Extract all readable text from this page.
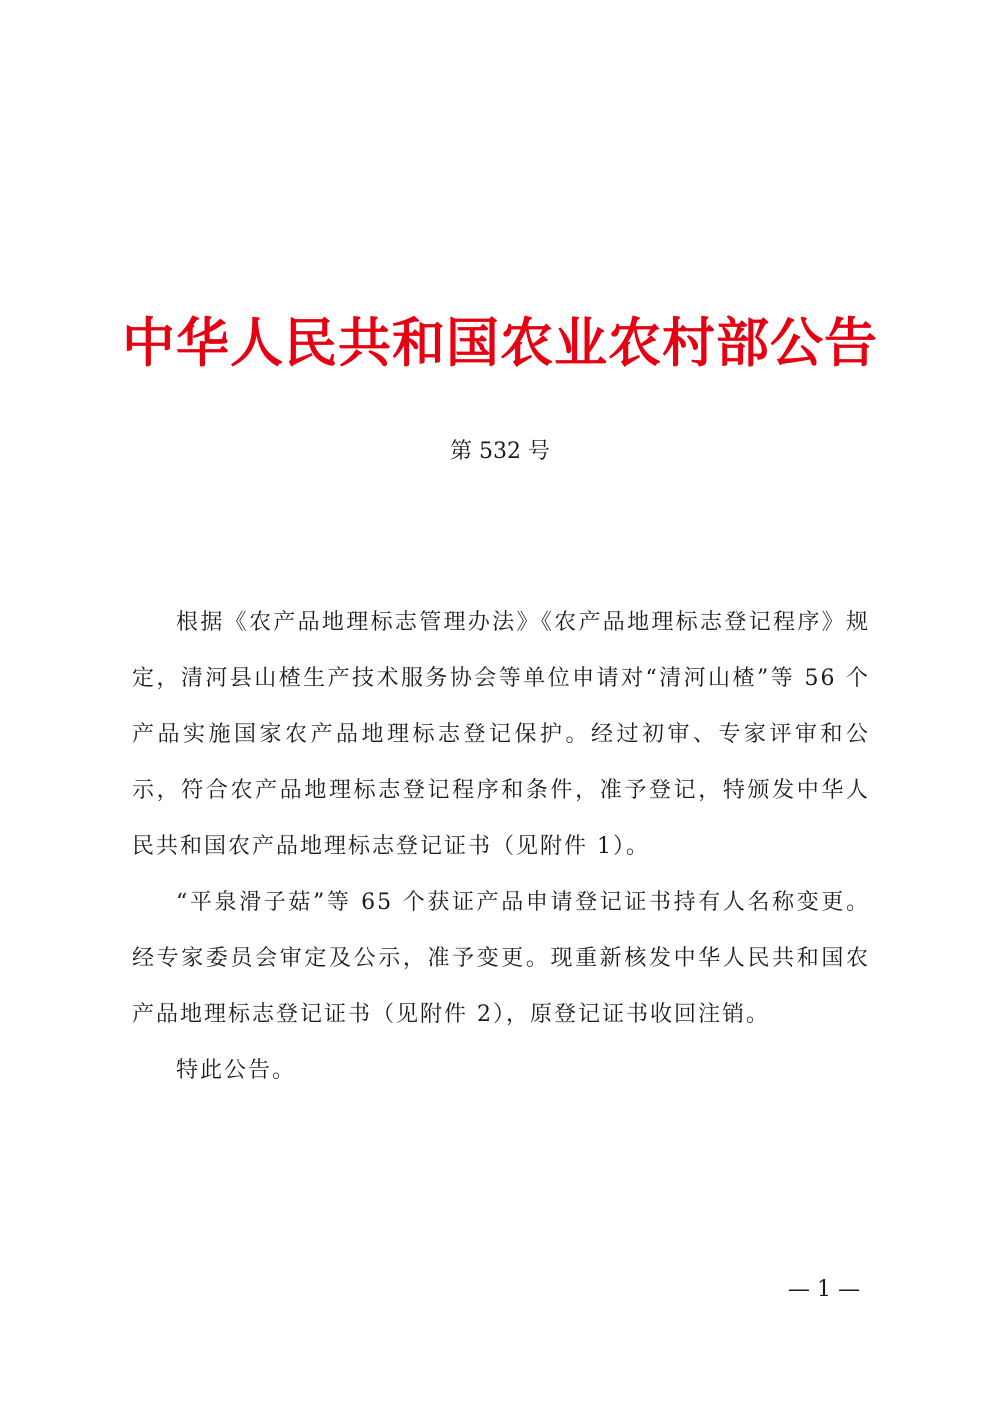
中华人民共和国农业农村部公告
第 532 号

根据《农产品地理标志管理办法》《农产品地理标志登记程序》规定，清河县山楂生产技术服务协会等单位申请对“清河山楂”等 56 个产品实施国家农产品地理标志登记保护。经过初审、专家评审和公示，符合农产品地理标志登记程序和条件，准予登记，特颁发中华人民共和国农产品地理标志登记证书（见附件 1）。

“平泉滑子菇”等 65 个获证产品申请登记证书持有人名称变更。经专家委员会审定及公示，准予变更。现重新核发中华人民共和国农产品地理标志登记证书（见附件 2），原登记证书收回注销。

特此公告。

— 1 —
